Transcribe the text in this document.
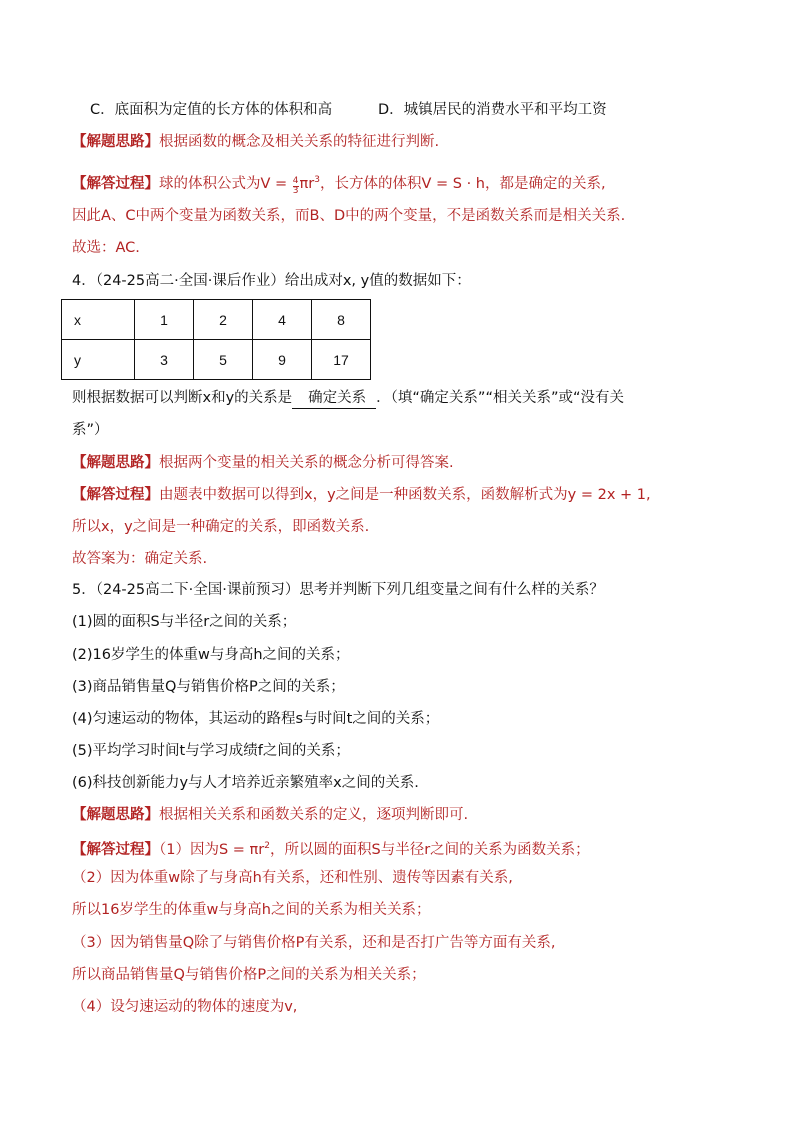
C．底面积为定值的长方体的体积和高	D．城镇居民的消费水平和平均工资
【解题思路】根据函数的概念及相关关系的特征进行判断.
【解答过程】球的体积公式为$V = \frac{4}{3} \pi r^3$，长方体的体积V = S · h，都是确定的关系,
因此A、C中两个变量为函数关系，而B、D中的两个变量，不是函数关系而是相关关系.
故选：AC.
4．（24-25高二·全国·课后作业）给出成对x, y值的数据如下：
x	1	2	4	8
y	3	5	9	17
则根据数据可以判断x和y的关系是 确定关系 ．（填“确定关系”“相关关系”或“没有关
系”）
【解题思路】根据两个变量的相关关系的概念分析可得答案.
【解答过程】由题表中数据可以得到x，y之间是一种函数关系，函数解析式为y = 2x + 1,
所以x，y之间是一种确定的关系，即函数关系.
故答案为：确定关系.
5．（24-25高二下·全国·课前预习）思考并判断下列几组变量之间有什么样的关系？
(1)圆的面积S与半径r之间的关系；
(2)16岁学生的体重w与身高h之间的关系；
(3)商品销售量Q与销售价格P之间的关系；
(4)匀速运动的物体，其运动的路程s与时间t之间的关系；
(5)平均学习时间t与学习成绩f之间的关系；
(6)科技创新能力y与人才培养近亲繁殖率x之间的关系.
【解题思路】根据相关关系和函数关系的定义，逐项判断即可.
【解答过程】（1）因为$S = \pi r^2$，所以圆的面积S与半径r之间的关系为函数关系；
（2）因为体重w除了与身高h有关系，还和性别、遗传等因素有关系,
所以16岁学生的体重w与身高h之间的关系为相关关系；
（3）因为销售量Q除了与销售价格P有关系，还和是否打广告等方面有关系,
所以商品销售量Q与销售价格P之间的关系为相关关系；
（4）设匀速运动的物体的速度为v,
